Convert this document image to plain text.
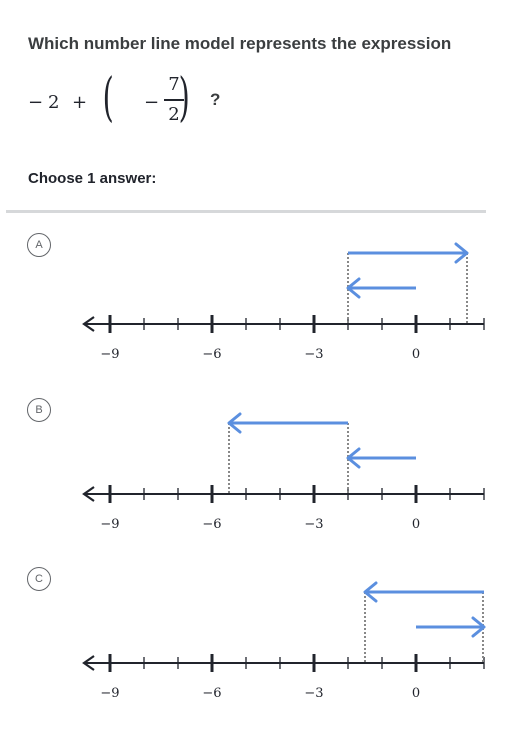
Which number line model represents the expression
− 2 + ( −
7
2
) ?
Choose 1 answer:
A
−9	−6	−3	0
B
−9	−6	−3	0
C
−9	−6	−3	0
